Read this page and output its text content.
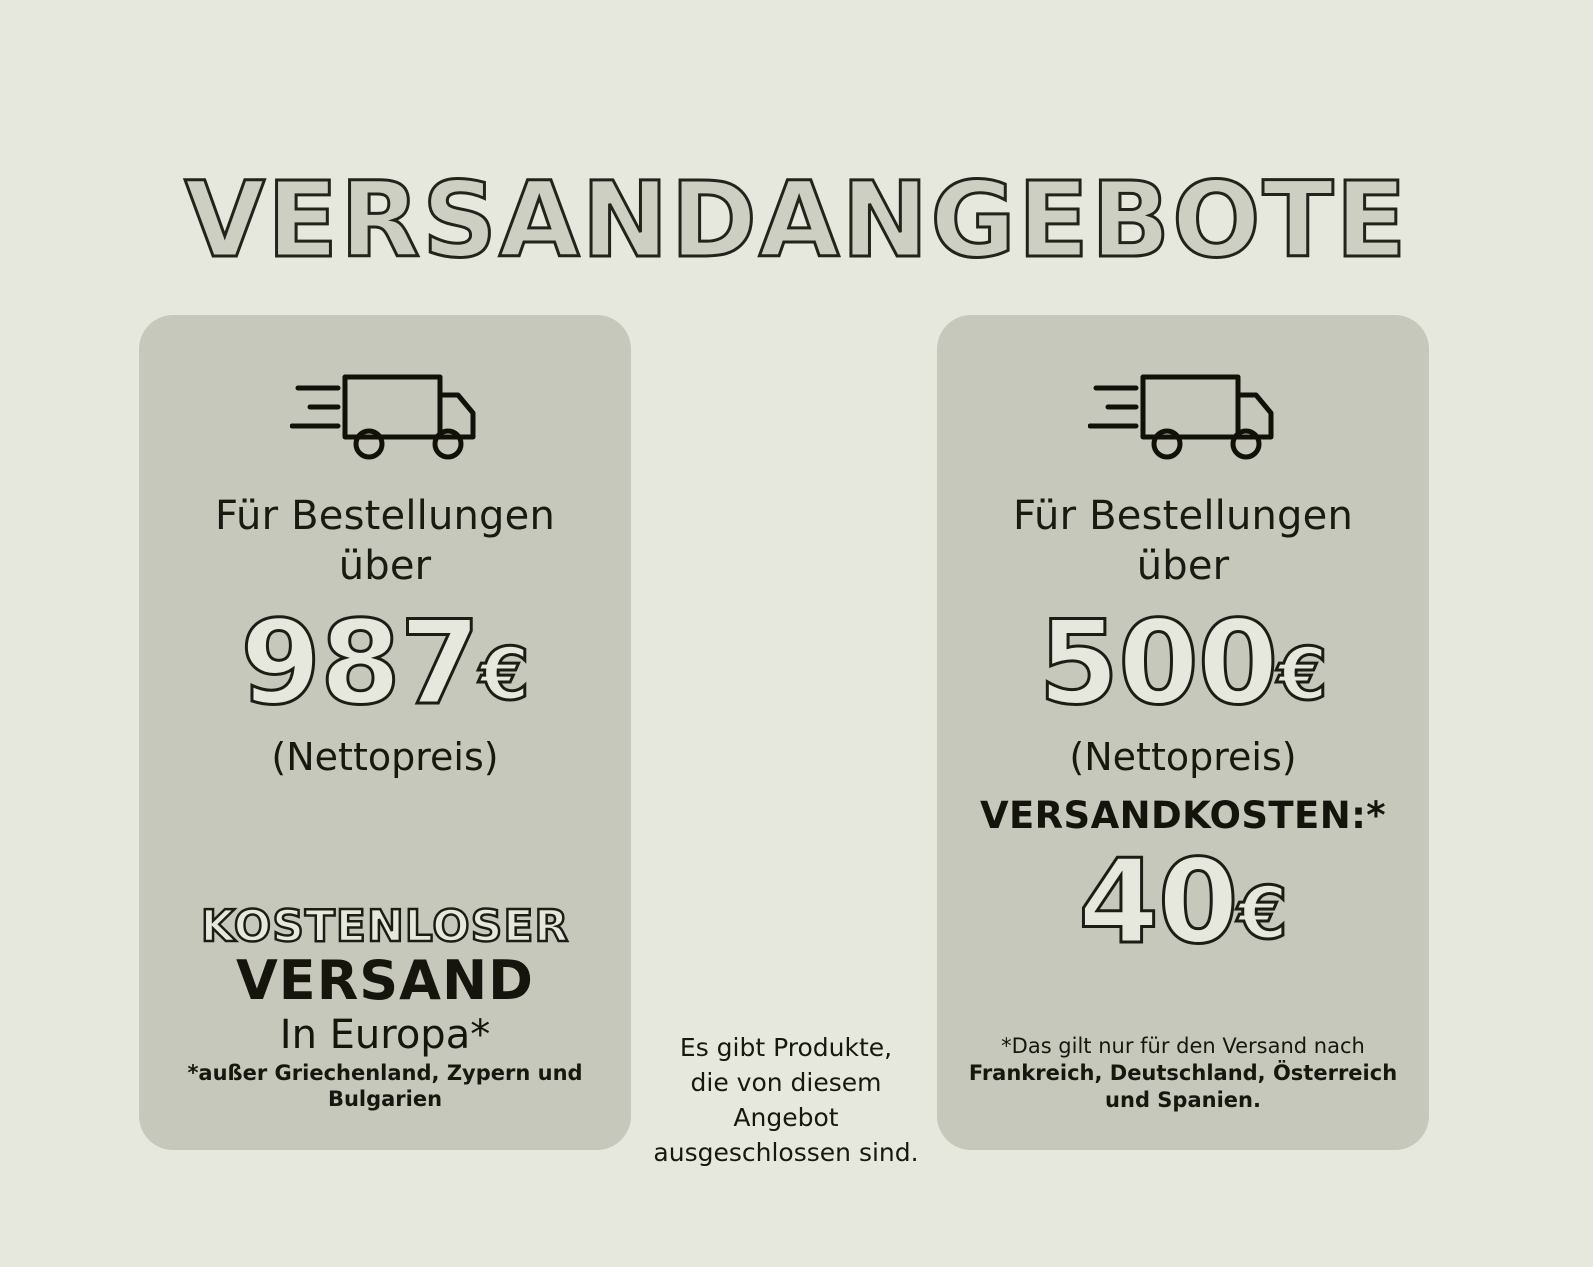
VERSANDANGEBOTE
Für Bestellungen
über
987€
(Nettopreis)
KOSTENLOSER
VERSAND
In Europa*
*außer Griechenland, Zypern und Bulgarien
Für Bestellungen
über
500€
(Nettopreis)
VERSANDKOSTEN:*
40€
*Das gilt nur für den Versand nach
Frankreich, Deutschland, Österreich und Spanien.
Es gibt Produkte,
die von diesem Angebot
ausgeschlossen sind.
